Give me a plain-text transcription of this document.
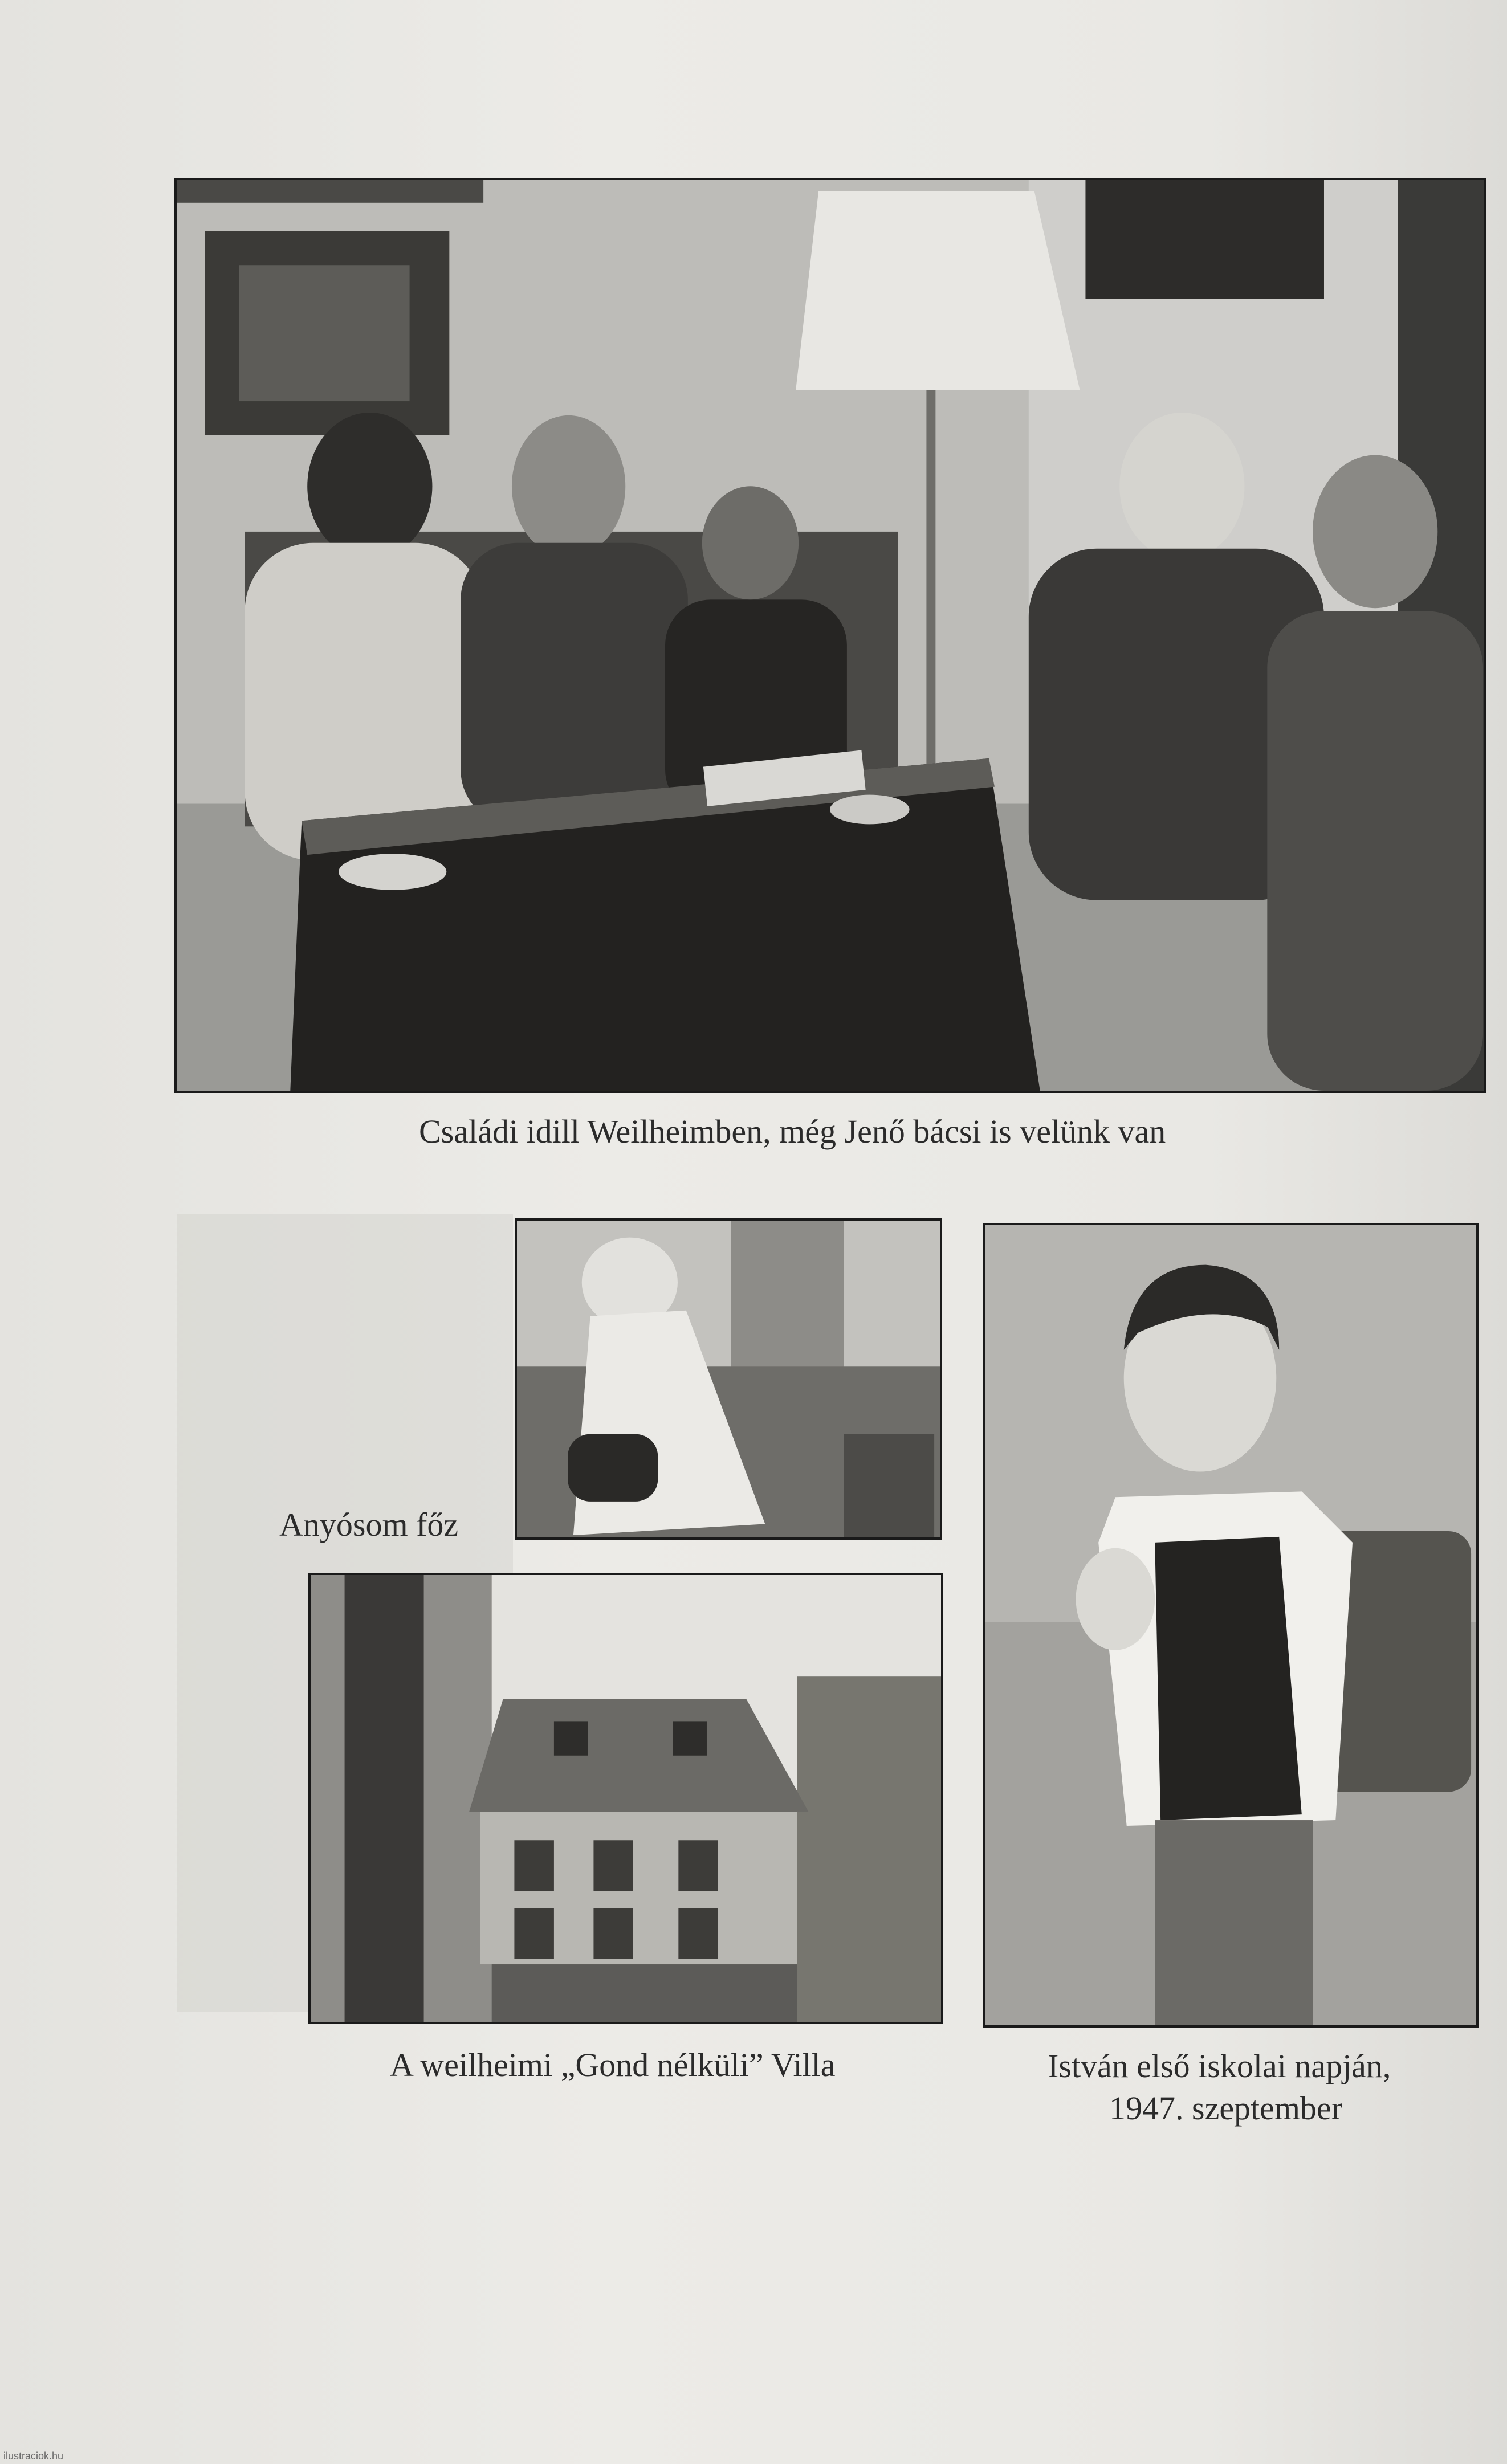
Családi idill Weilheimben, még Jenő bácsi is velünk van
Anyósom főz
A weilheimi „Gond nélküli” Villa	István első iskolai napján,
1947. szeptember
ilustraciok.hu
